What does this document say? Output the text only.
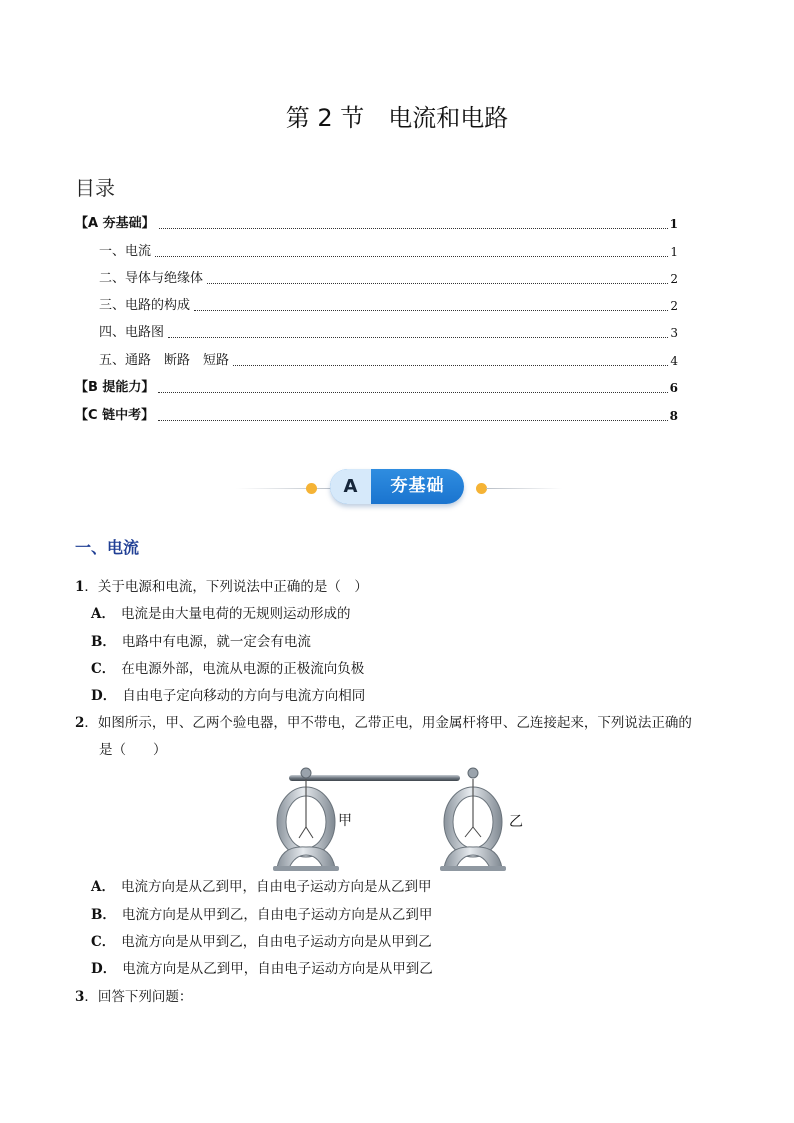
第 2 节　电流和电路
目录
【A 夯基础】	1
一、电流	1
二、导体与绝缘体	2
三、电路的构成	2
四、电路图	3
五、通路　断路　短路	4
【B 提能力】	6
【C 链中考】	8
A	夯基础
一、电流
1．关于电源和电流，下列说法中正确的是（　）
A． 电流是由大量电荷的无规则运动形成的
B． 电路中有电源，就一定会有电流
C． 在电源外部，电流从电源的正极流向负极
D． 自由电子定向移动的方向与电流方向相同
2．如图所示，甲、乙两个验电器，甲不带电，乙带正电，用金属杆将甲、乙连接起来，下列说法正确的
是（　　）
甲	乙
A． 电流方向是从乙到甲，自由电子运动方向是从乙到甲
B． 电流方向是从甲到乙，自由电子运动方向是从乙到甲
C． 电流方向是从甲到乙，自由电子运动方向是从甲到乙
D． 电流方向是从乙到甲，自由电子运动方向是从甲到乙
3．回答下列问题：
